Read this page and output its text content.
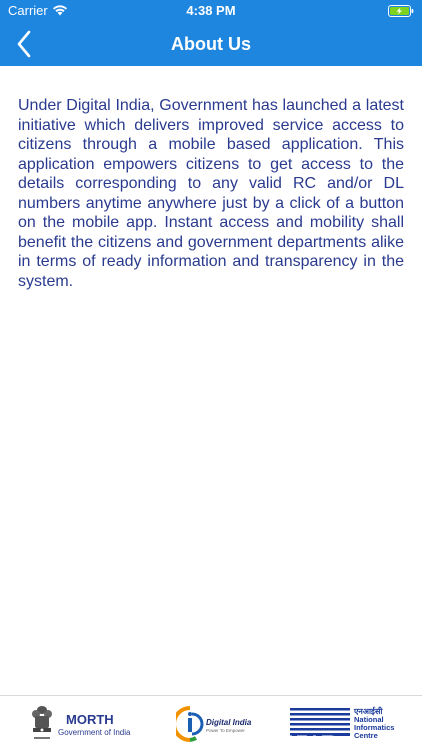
Carrier	4:38 PM
About Us
Under Digital India, Government has launched a latest initiative which delivers improved service access to citizens through a mobile based application. This application empowers citizens to get access to the details corresponding to any valid RC and/or DL numbers anytime anywhere just by a click of a button on the mobile app. Instant access and mobility shall benefit the citizens and government departments alike in terms of ready information and transparency in the system.
MORTH
Government of India
Digital India
Power To Empower
एनआईसी
National
Informatics
Centre
